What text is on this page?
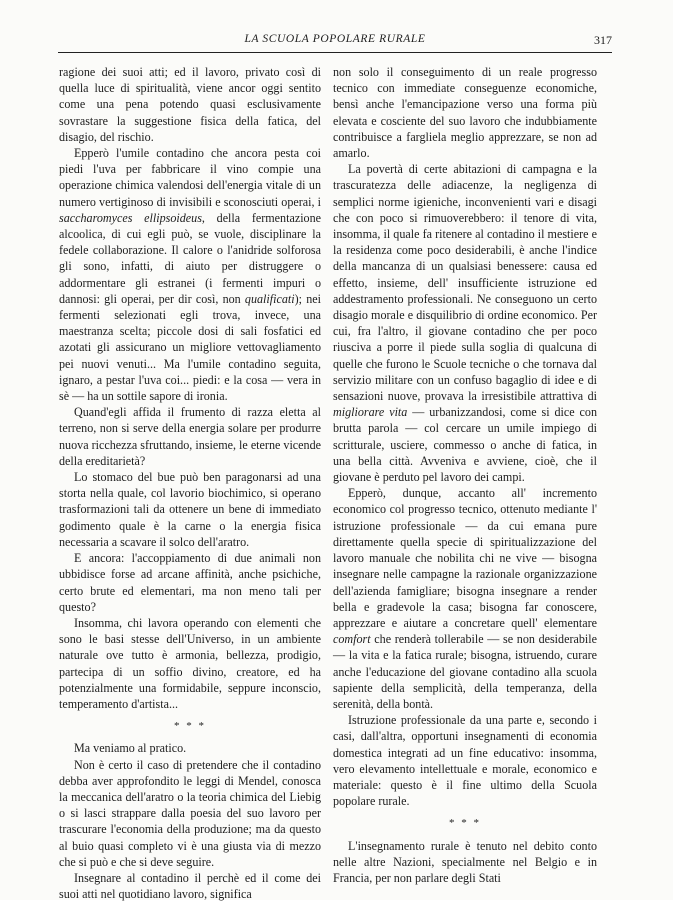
LA SCUOLA POPOLARE RURALE	317

ragione dei suoi atti; ed il lavoro, privato così di quella luce di spiritualità, viene ancor oggi sentito come una pena potendo quasi esclusivamente sovrastare la suggestione fisica della fatica, del disagio, del rischio.

Epperò l'umile contadino che ancora pesta coi piedi l'uva per fabbricare il vino compie una operazione chimica valendosi dell'energia vitale di un numero vertiginoso di invisibili e sconosciuti operai, i saccharomyces ellipsoideus, della fermentazione alcoolica, di cui egli può, se vuole, disciplinare la fedele collaborazione. Il calore o l'anidride solforosa gli sono, infatti, di aiuto per distruggere o addormentare gli estranei (i fermenti impuri o dannosi: gli operai, per dir così, non qualificati); nei fermenti selezionati egli trova, invece, una maestranza scelta; piccole dosi di sali fosfatici ed azotati gli assicurano un migliore vettovagliamento pei nuovi venuti... Ma l'umile contadino seguita, ignaro, a pestar l'uva coi... piedi: e la cosa — vera in sè — ha un sottile sapore di ironia.

Quand'egli affida il frumento di razza eletta al terreno, non si serve della energia solare per produrre nuova ricchezza sfruttando, insieme, le eterne vicende della ereditarietà?

Lo stomaco del bue può ben paragonarsi ad una storta nella quale, col lavorio biochimico, si operano trasformazioni tali da ottenere un bene di immediato godimento quale è la carne o la energia fisica necessaria a scavare il solco dell'aratro.

E ancora: l'accoppiamento di due animali non ubbidisce forse ad arcane affinità, anche psichiche, certo brute ed elementari, ma non meno tali per questo?

Insomma, chi lavora operando con elementi che sono le basi stesse dell'Universo, in un ambiente naturale ove tutto è armonia, bellezza, prodigio, partecipa di un soffio divino, creatore, ed ha potenzialmente una formidabile, seppure inconscio, temperamento d'artista...

* * *

Ma veniamo al pratico.

Non è certo il caso di pretendere che il contadino debba aver approfondito le leggi di Mendel, conosca la meccanica dell'aratro o la teoria chimica del Liebig o si lasci strappare dalla poesia del suo lavoro per trascurare l'economia della produzione; ma da questo al buio quasi completo vi è una giusta via di mezzo che si può e che si deve seguire.

Insegnare al contadino il perchè ed il come dei suoi atti nel quotidiano lavoro, significa

non solo il conseguimento di un reale progresso tecnico con immediate conseguenze economiche, bensì anche l'emancipazione verso una forma più elevata e cosciente del suo lavoro che indubbiamente contribuisce a fargliela meglio apprezzare, se non ad amarlo.

La povertà di certe abitazioni di campagna e la trascuratezza delle adiacenze, la negligenza di semplici norme igieniche, inconvenienti vari e disagi che con poco si rimuoverebbero: il tenore di vita, insomma, il quale fa ritenere al contadino il mestiere e la residenza come poco desiderabili, è anche l'indice della mancanza di un qualsiasi benessere: causa ed effetto, insieme, dell' insufficiente istruzione ed addestramento professionali. Ne conseguono un certo disagio morale e disquilibrio di ordine economico. Per cui, fra l'altro, il giovane contadino che per poco riusciva a porre il piede sulla soglia di qualcuna di quelle che furono le Scuole tecniche o che tornava dal servizio militare con un confuso bagaglio di idee e di sensazioni nuove, provava la irresistibile attrattiva di migliorare vita — urbanizzandosi, come si dice con brutta parola — col cercare un umile impiego di scritturale, usciere, commesso o anche di fatica, in una bella città. Avveniva e avviene, cioè, che il giovane è perduto pel lavoro dei campi.

Epperò, dunque, accanto all' incremento economico col progresso tecnico, ottenuto mediante l' istruzione professionale — da cui emana pure direttamente quella specie di spiritualizzazione del lavoro manuale che nobilita chi ne vive — bisogna insegnare nelle campagne la razionale organizzazione dell'azienda famigliare; bisogna insegnare a render bella e gradevole la casa; bisogna far conoscere, apprezzare e aiutare a concretare quell' elementare comfort che renderà tollerabile — se non desiderabile — la vita e la fatica rurale; bisogna, istruendo, curare anche l'educazione del giovane contadino alla scuola sapiente della semplicità, della temperanza, della serenità, della bontà.

Istruzione professionale da una parte e, secondo i casi, dall'altra, opportuni insegnamenti di economia domestica integrati ad un fine educativo: insomma, vero elevamento intellettuale e morale, economico e materiale: questo è il fine ultimo della Scuola popolare rurale.

* * *

L'insegnamento rurale è tenuto nel debito conto nelle altre Nazioni, specialmente nel Belgio e in Francia, per non parlare degli Stati
